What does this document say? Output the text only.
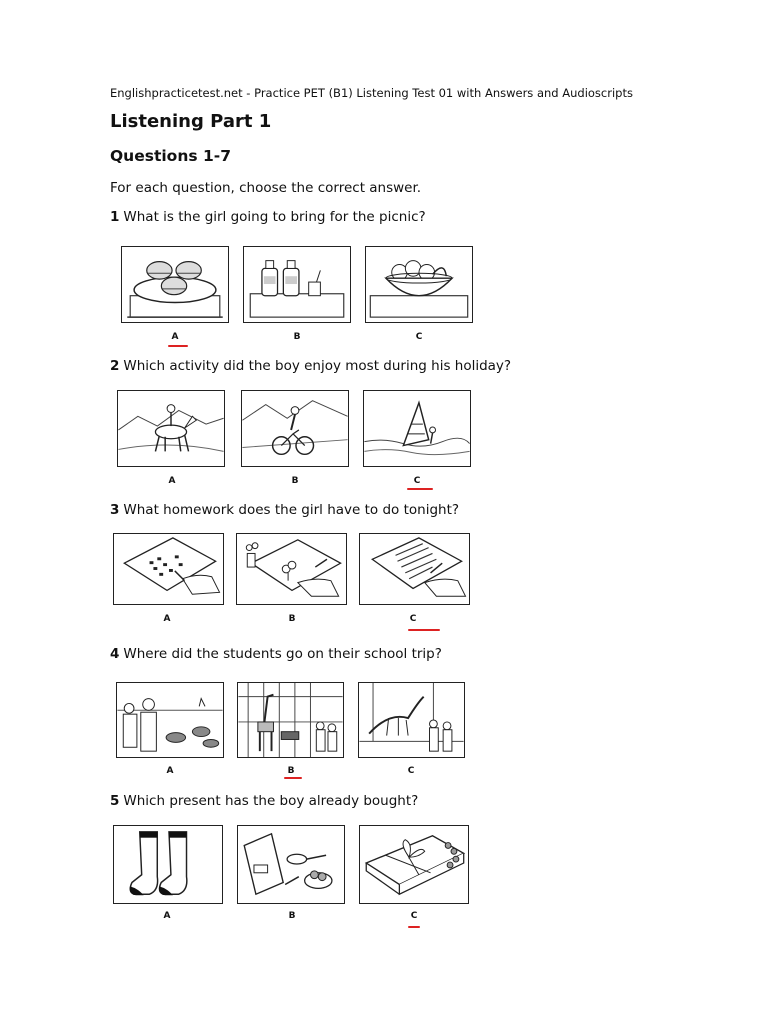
Englishpracticetest.net - Practice PET (B1) Listening Test 01 with Answers and Audioscripts
Listening Part 1
Questions 1-7
For each question, choose the correct answer.
1 What is the girl going to bring for the picnic?
A	B	C
2 Which activity did the boy enjoy most during his holiday?
A	B	C
3 What homework does the girl have to do tonight?
A	B	C
4 Where did the students go on their school trip?
A	B	C
5 Which present has the boy already bought?
A	B	C
